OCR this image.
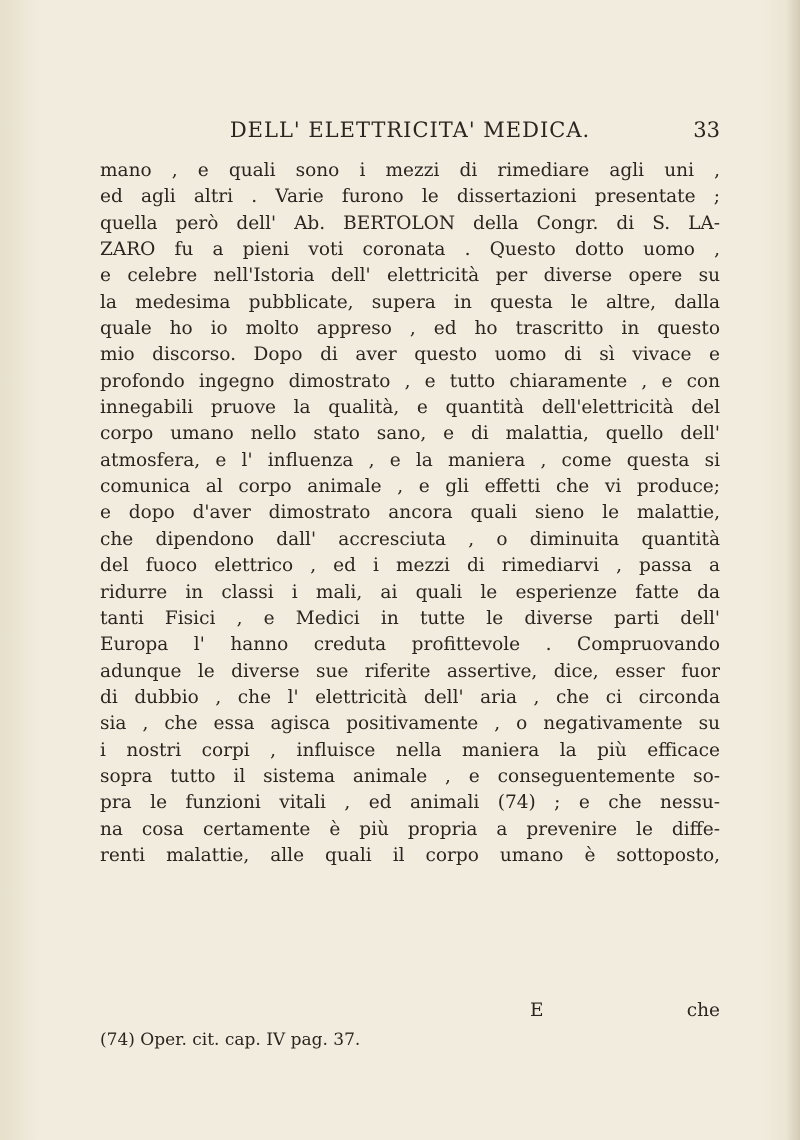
DELL' ELETTRICITA' MEDICA.	33
mano , e quali sono i mezzi di rimediare agli uni ,
ed agli altri . Varie furono le dissertazioni presentate ;
quella però dell' Ab. BERTOLON della Congr. di S. LA-
ZARO fu a pieni voti coronata . Questo dotto uomo ,
e celebre nell'Istoria dell' elettricità per diverse opere su
la medesima pubblicate, supera in questa le altre, dalla
quale ho io molto appreso , ed ho trascritto in questo
mio discorso. Dopo di aver questo uomo di sì vivace e
profondo ingegno dimostrato , e tutto chiaramente , e con
innegabili pruove la qualità, e quantità dell'elettricità del
corpo umano nello stato sano, e di malattia, quello dell'
atmosfera, e l' influenza , e la maniera , come questa si
comunica al corpo animale , e gli effetti che vi produce;
e dopo d'aver dimostrato ancora quali sieno le malattie,
che dipendono dall' accresciuta , o diminuita quantità
del fuoco elettrico , ed i mezzi di rimediarvi , passa a
ridurre in classi i mali, ai quali le esperienze fatte da
tanti Fisici , e Medici in tutte le diverse parti dell'
Europa l' hanno creduta profittevole . Compruovando
adunque le diverse sue riferite assertive, dice, esser fuor
di dubbio , che l' elettricità dell' aria , che ci circonda
sia , che essa agisca positivamente , o negativamente su
i nostri corpi , influisce nella maniera la più efficace
sopra tutto il sistema animale , e conseguentemente so-
pra le funzioni vitali , ed animali (74) ; e che nessu-
na cosa certamente è più propria a prevenire le diffe-
renti malattie, alle quali il corpo umano è sottoposto,
E	che
(74) Oper. cit. cap. IV pag. 37.
